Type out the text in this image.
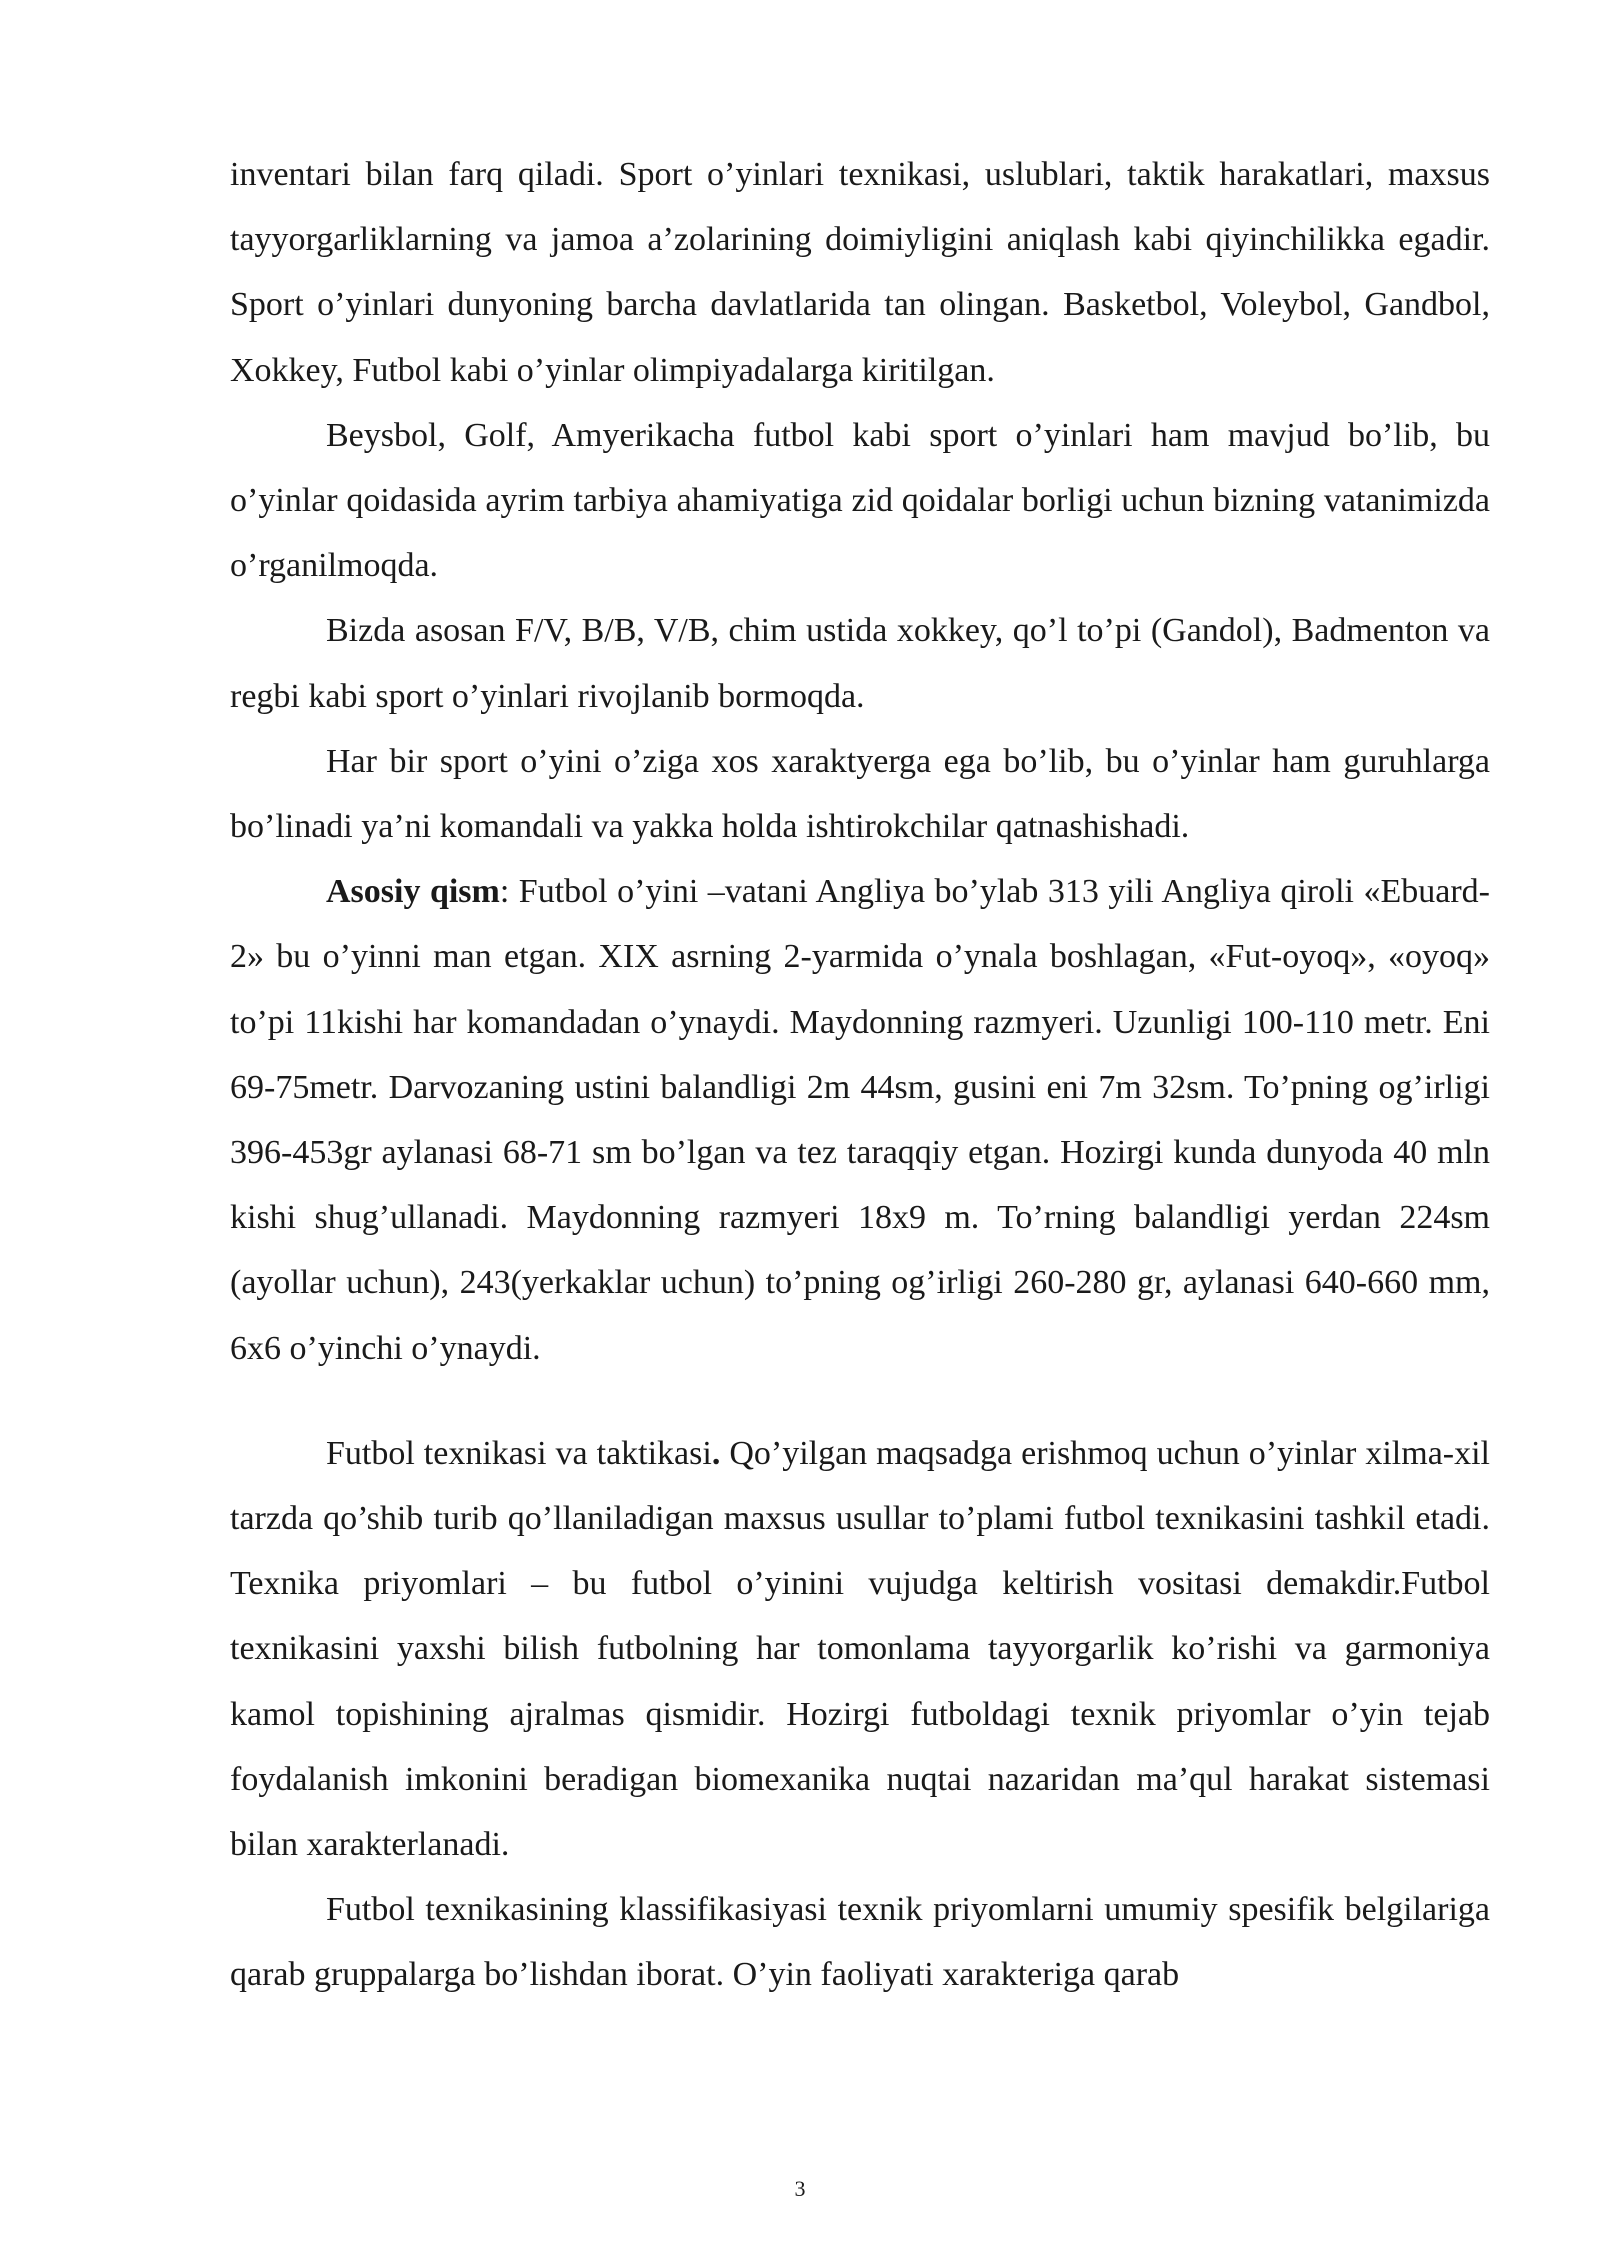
inventari bilan farq qiladi. Sport o’yinlari texnikasi, uslublari, taktik harakatlari, maxsus tayyorgarliklarning va jamoa a’zolarining doimiyligini aniqlash kabi qiyinchilikka egadir. Sport o’yinlari dunyoning barcha davlatlarida tan olingan. Basketbol, Voleybol, Gandbol, Xokkey, Futbol kabi o’yinlar olimpiyadalarga kiritilgan.

Beysbol, Golf, Amyerikacha futbol kabi sport o’yinlari ham mavjud bo’lib, bu o’yinlar qoidasida ayrim tarbiya ahamiyatiga zid qoidalar borligi uchun bizning vatanimizda o’rganilmoqda.

Bizda asosan F/V, B/B, V/B, chim ustida xokkey, qo’l to’pi (Gandol), Badmenton va regbi kabi sport o’yinlari rivojlanib bormoqda.

Har bir sport o’yini o’ziga xos xaraktyerga ega bo’lib, bu o’yinlar ham guruhlarga bo’linadi ya’ni komandali va yakka holda ishtirokchilar qatnashishadi.

Asosiy qism: Futbol o’yini –vatani Angliya bo’ylab 313 yili Angliya qiroli «Ebuard-2» bu o’yinni man etgan. XIX asrning 2-yarmida o’ynala boshlagan, «Fut-oyoq», «oyoq» to’pi 11kishi har komandadan o’ynaydi. Maydonning razmyeri. Uzunligi 100-110 metr. Eni 69-75metr. Darvozaning ustini balandligi 2m 44sm, gusini eni 7m 32sm. To’pning og’irligi 396-453gr aylanasi 68-71 sm bo’lgan va tez taraqqiy etgan. Hozirgi kunda dunyoda 40 mln kishi shug’ullanadi. Maydonning razmyeri 18x9 m. To’rning balandligi yerdan 224sm (ayollar uchun), 243(yerkaklar uchun) to’pning og’irligi 260-280 gr, aylanasi 640-660 mm, 6x6 o’yinchi o’ynaydi.

Futbol texnikasi va taktikasi. Qo’yilgan maqsadga erishmoq uchun o’yinlar xilma-xil tarzda qo’shib turib qo’llaniladigan maxsus usullar to’plami futbol texnikasini tashkil etadi. Texnika priyomlari – bu futbol o’yinini vujudga keltirish vositasi demakdir.Futbol texnikasini yaxshi bilish futbolning har tomonlama tayyorgarlik ko’rishi va garmoniya kamol topishining ajralmas qismidir. Hozirgi futboldagi texnik priyomlar o’yin tejab foydalanish imkonini beradigan biomexanika nuqtai nazaridan ma’qul harakat sistemasi bilan xarakterlanadi.

Futbol texnikasining klassifikasiyasi texnik priyomlarni umumiy spesifik belgilariga qarab gruppalarga bo’lishdan iborat. O’yin faoliyati xarakteriga qarab

3
